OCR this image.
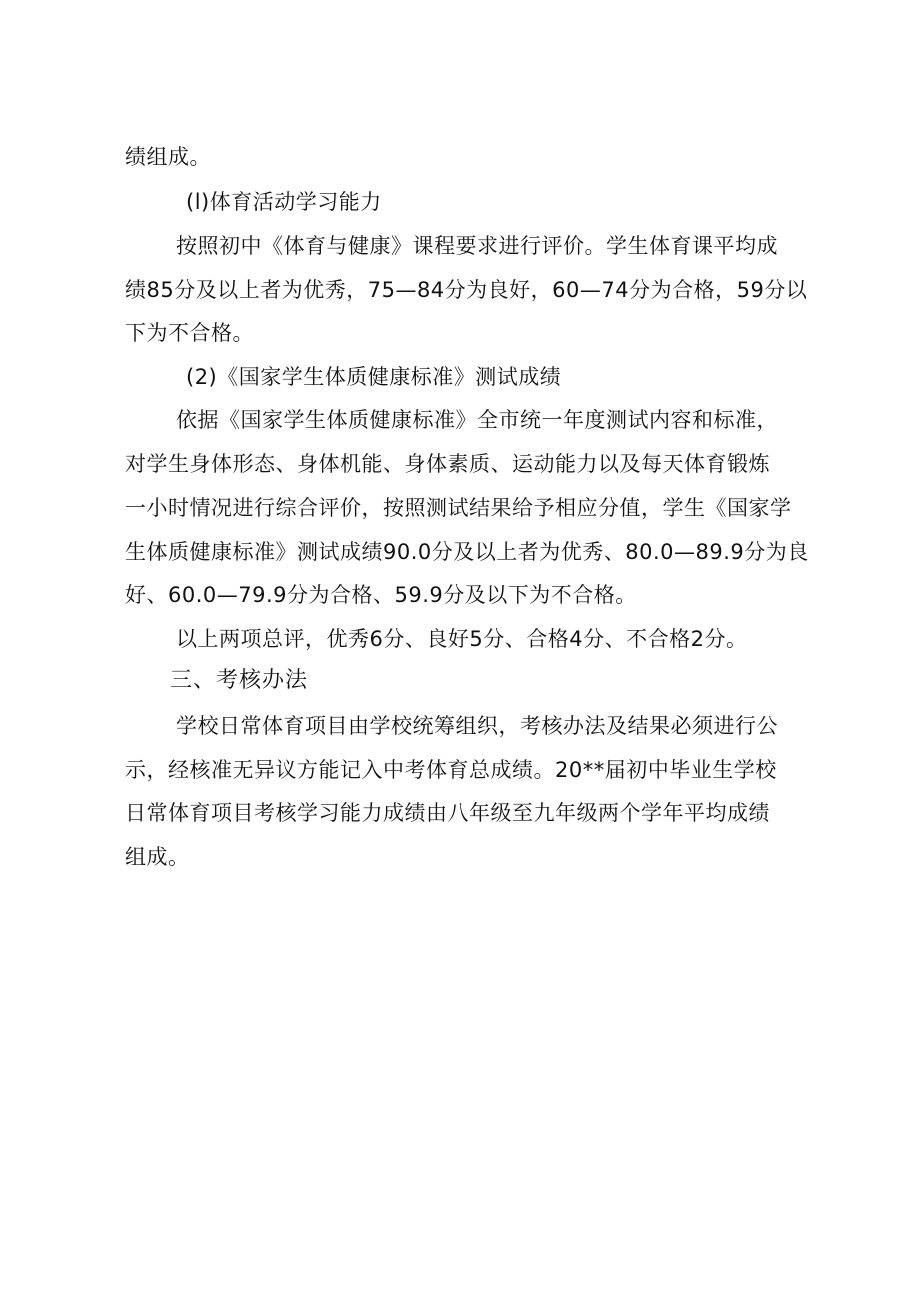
绩组成。
(l)体育活动学习能力
按照初中《体育与健康》课程要求进行评价。学生体育课平均成
绩85分及以上者为优秀，75—84分为良好，60—74分为合格，59分以
下为不合格。
(2)《国家学生体质健康标准》测试成绩
依据《国家学生体质健康标准》全市统一年度测试内容和标准，
对学生身体形态、身体机能、身体素质、运动能力以及每天体育锻炼
一小时情况进行综合评价，按照测试结果给予相应分值，学生《国家学
生体质健康标准》测试成绩90.0分及以上者为优秀、80.0—89.9分为良
好、60.0—79.9分为合格、59.9分及以下为不合格。
以上两项总评，优秀6分、良好5分、合格4分、不合格2分。
三、考核办法
学校日常体育项目由学校统筹组织，考核办法及结果必须进行公
示，经核准无异议方能记入中考体育总成绩。20**届初中毕业生学校
日常体育项目考核学习能力成绩由八年级至九年级两个学年平均成绩
组成。
